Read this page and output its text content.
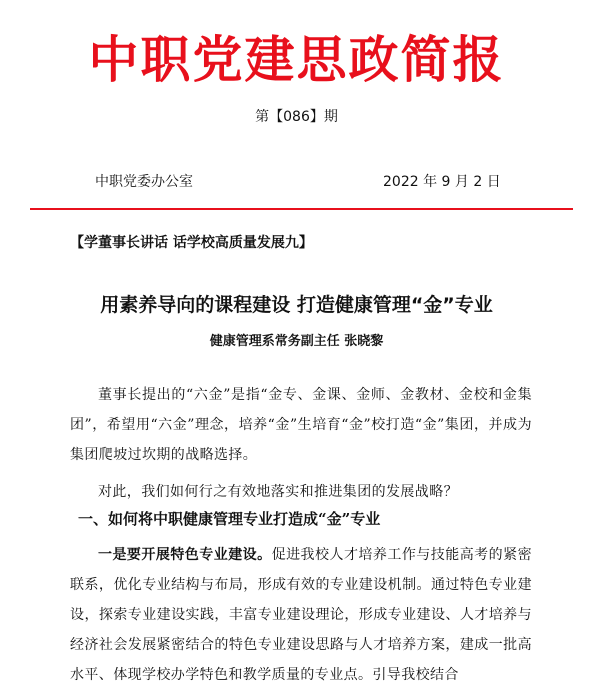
中职党建思政简报
第【086】期
中职党委办公室	2022 年 9 月 2 日
【学董事长讲话 话学校高质量发展九】
用素养导向的课程建设 打造健康管理“金”专业
健康管理系常务副主任 张晓黎

董事长提出的“六金”是指“金专、金课、金师、金教材、金校和金集团”，希望用“六金”理念，培养“金”生培育“金”校打造“金”集团，并成为集团爬坡过坎期的战略选择。

对此，我们如何行之有效地落实和推进集团的发展战略？

一、如何将中职健康管理专业打造成“金”专业

一是要开展特色专业建设。促进我校人才培养工作与技能高考的紧密联系，优化专业结构与布局，形成有效的专业建设机制。通过特色专业建设，探索专业建设实践，丰富专业建设理论，形成专业建设、人才培养与经济社会发展紧密结合的特色专业建设思路与人才培养方案，建成一批高水平、体现学校办学特色和教学质量的专业点。引导我校结合
